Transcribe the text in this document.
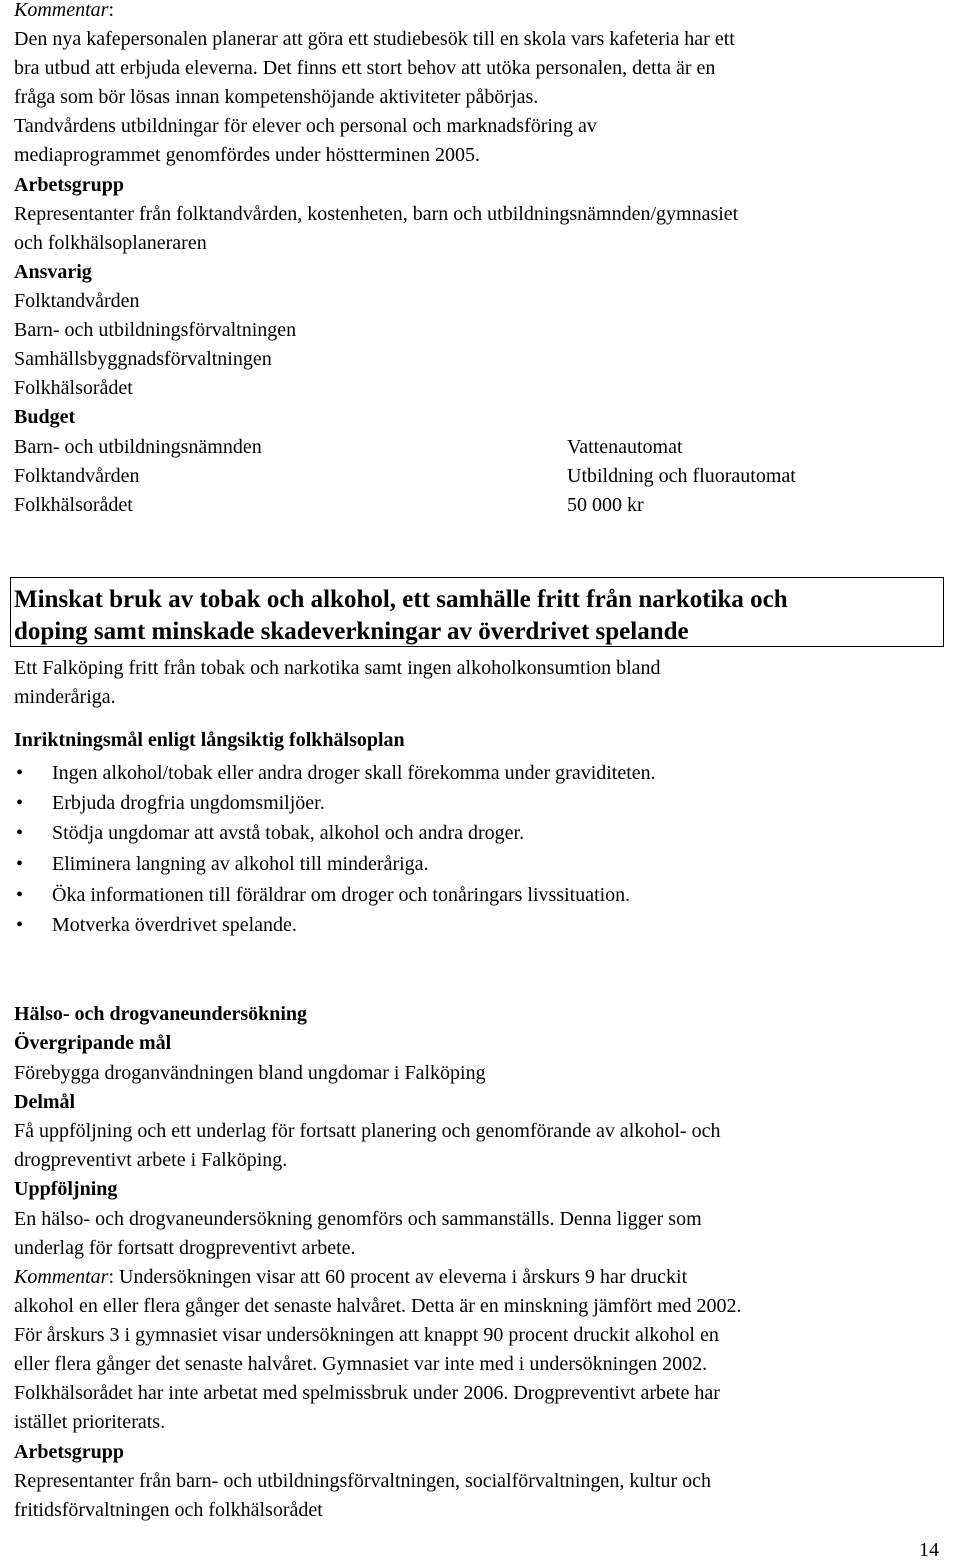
Kommentar:
Den nya kafepersonalen planerar att göra ett studiebesök till en skola vars kafeteria har ett
bra utbud att erbjuda eleverna. Det finns ett stort behov att utöka personalen, detta är en
fråga som bör lösas innan kompetenshöjande aktiviteter påbörjas.
Tandvårdens utbildningar för elever och personal och marknadsföring av
mediaprogrammet genomfördes under höstterminen 2005.
Arbetsgrupp
Representanter från folktandvården, kostenheten, barn och utbildningsnämnden/gymnasiet
och folkhälsoplaneraren
Ansvarig
Folktandvården
Barn- och utbildningsförvaltningen
Samhällsbyggnadsförvaltningen
Folkhälsorådet
Budget
Barn- och utbildningsnämnden
Folktandvården
Folkhälsorådet
Vattenautomat
Utbildning och fluorautomat
50 000 kr
Minskat bruk av tobak och alkohol, ett samhälle fritt från narkotika och
doping samt minskade skadeverkningar av överdrivet spelande
Ett Falköping fritt från tobak och narkotika samt ingen alkoholkonsumtion bland
minderåriga.
Inriktningsmål enligt långsiktig folkhälsoplan
• Ingen alkohol/tobak eller andra droger skall förekomma under graviditeten.
• Erbjuda drogfria ungdomsmiljöer.
• Stödja ungdomar att avstå tobak, alkohol och andra droger.
• Eliminera langning av alkohol till minderåriga.
• Öka informationen till föräldrar om droger och tonåringars livssituation.
• Motverka överdrivet spelande.
Hälso- och drogvaneundersökning
Övergripande mål
Förebygga droganvändningen bland ungdomar i Falköping
Delmål
Få uppföljning och ett underlag för fortsatt planering och genomförande av alkohol- och
drogpreventivt arbete i Falköping.
Uppföljning
En hälso- och drogvaneundersökning genomförs och sammanställs. Denna ligger som
underlag för fortsatt drogpreventivt arbete.
Kommentar: Undersökningen visar att 60 procent av eleverna i årskurs 9 har druckit
alkohol en eller flera gånger det senaste halvåret. Detta är en minskning jämfört med 2002.
För årskurs 3 i gymnasiet visar undersökningen att knappt 90 procent druckit alkohol en
eller flera gånger det senaste halvåret. Gymnasiet var inte med i undersökningen 2002.
Folkhälsorådet har inte arbetat med spelmissbruk under 2006. Drogpreventivt arbete har
istället prioriterats.
Arbetsgrupp
Representanter från barn- och utbildningsförvaltningen, socialförvaltningen, kultur och
fritidsförvaltningen och folkhälsorådet
14
